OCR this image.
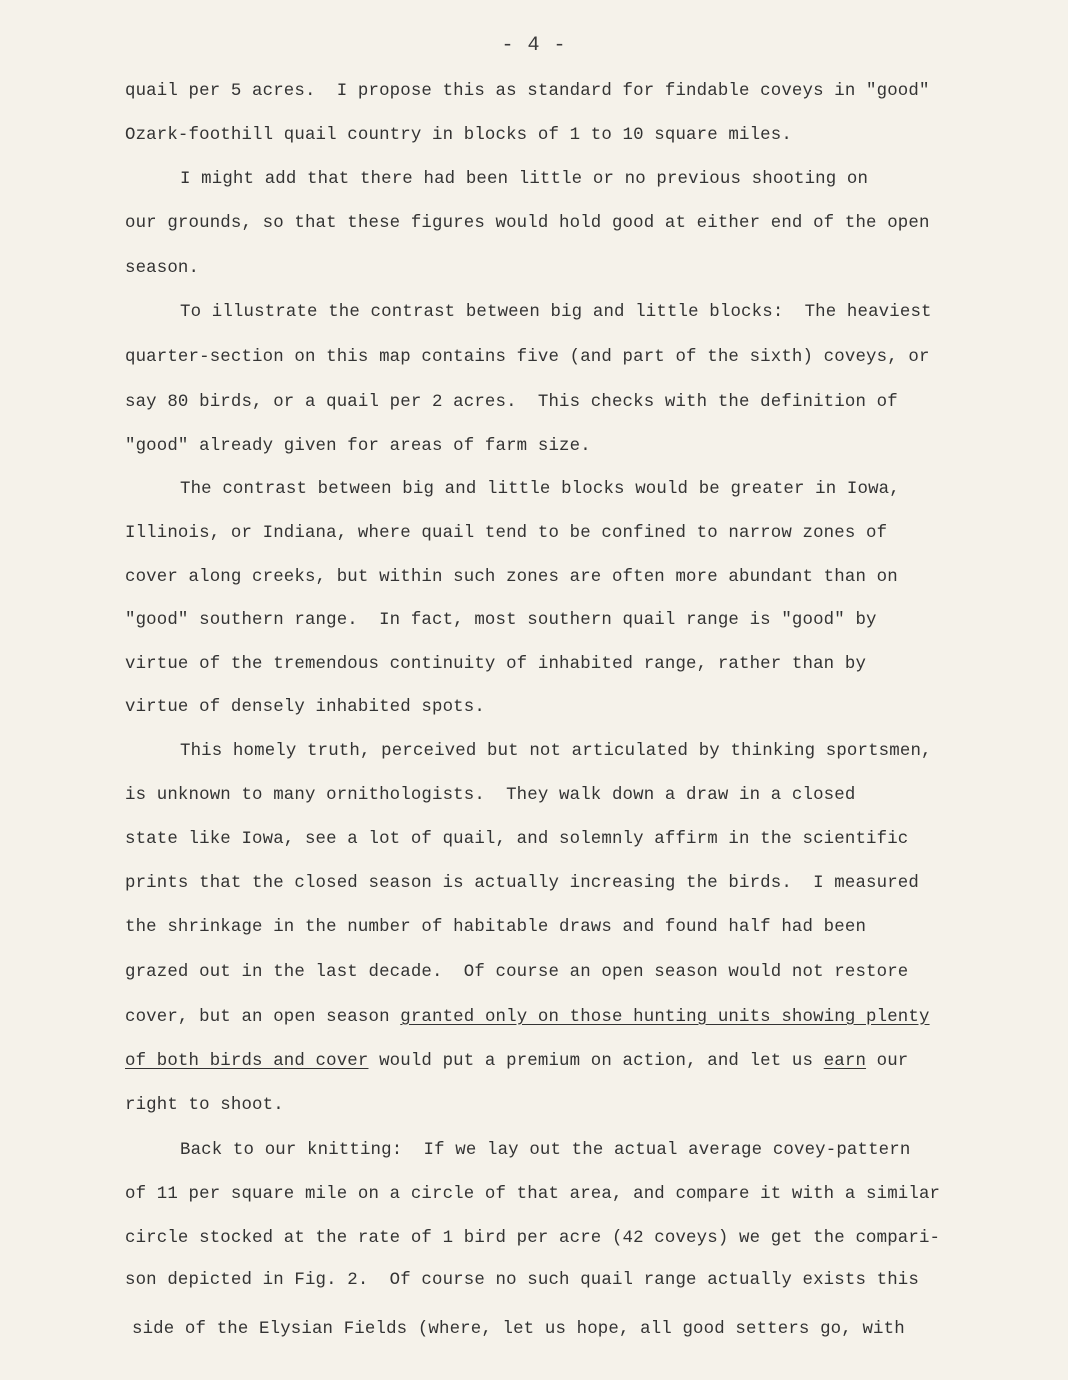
- 4 -
quail per 5 acres.  I propose this as standard for findable coveys in "good"
Ozark-foothill quail country in blocks of 1 to 10 square miles.
I might add that there had been little or no previous shooting on
our grounds, so that these figures would hold good at either end of the open
season.
To illustrate the contrast between big and little blocks:  The heaviest
quarter-section on this map contains five (and part of the sixth) coveys, or
say 80 birds, or a quail per 2 acres.  This checks with the definition of
"good" already given for areas of farm size.
The contrast between big and little blocks would be greater in Iowa,
Illinois, or Indiana, where quail tend to be confined to narrow zones of
cover along creeks, but within such zones are often more abundant than on
"good" southern range.  In fact, most southern quail range is "good" by
virtue of the tremendous continuity of inhabited range, rather than by
virtue of densely inhabited spots.
This homely truth, perceived but not articulated by thinking sportsmen,
is unknown to many ornithologists.  They walk down a draw in a closed
state like Iowa, see a lot of quail, and solemnly affirm in the scientific
prints that the closed season is actually increasing the birds.  I measured
the shrinkage in the number of habitable draws and found half had been
grazed out in the last decade.  Of course an open season would not restore
cover, but an open season granted only on those hunting units showing plenty
of both birds and cover would put a premium on action, and let us earn our
right to shoot.
Back to our knitting:  If we lay out the actual average covey-pattern
of 11 per square mile on a circle of that area, and compare it with a similar
circle stocked at the rate of 1 bird per acre (42 coveys) we get the compari-
son depicted in Fig. 2.  Of course no such quail range actually exists this
side of the Elysian Fields (where, let us hope, all good setters go, with
